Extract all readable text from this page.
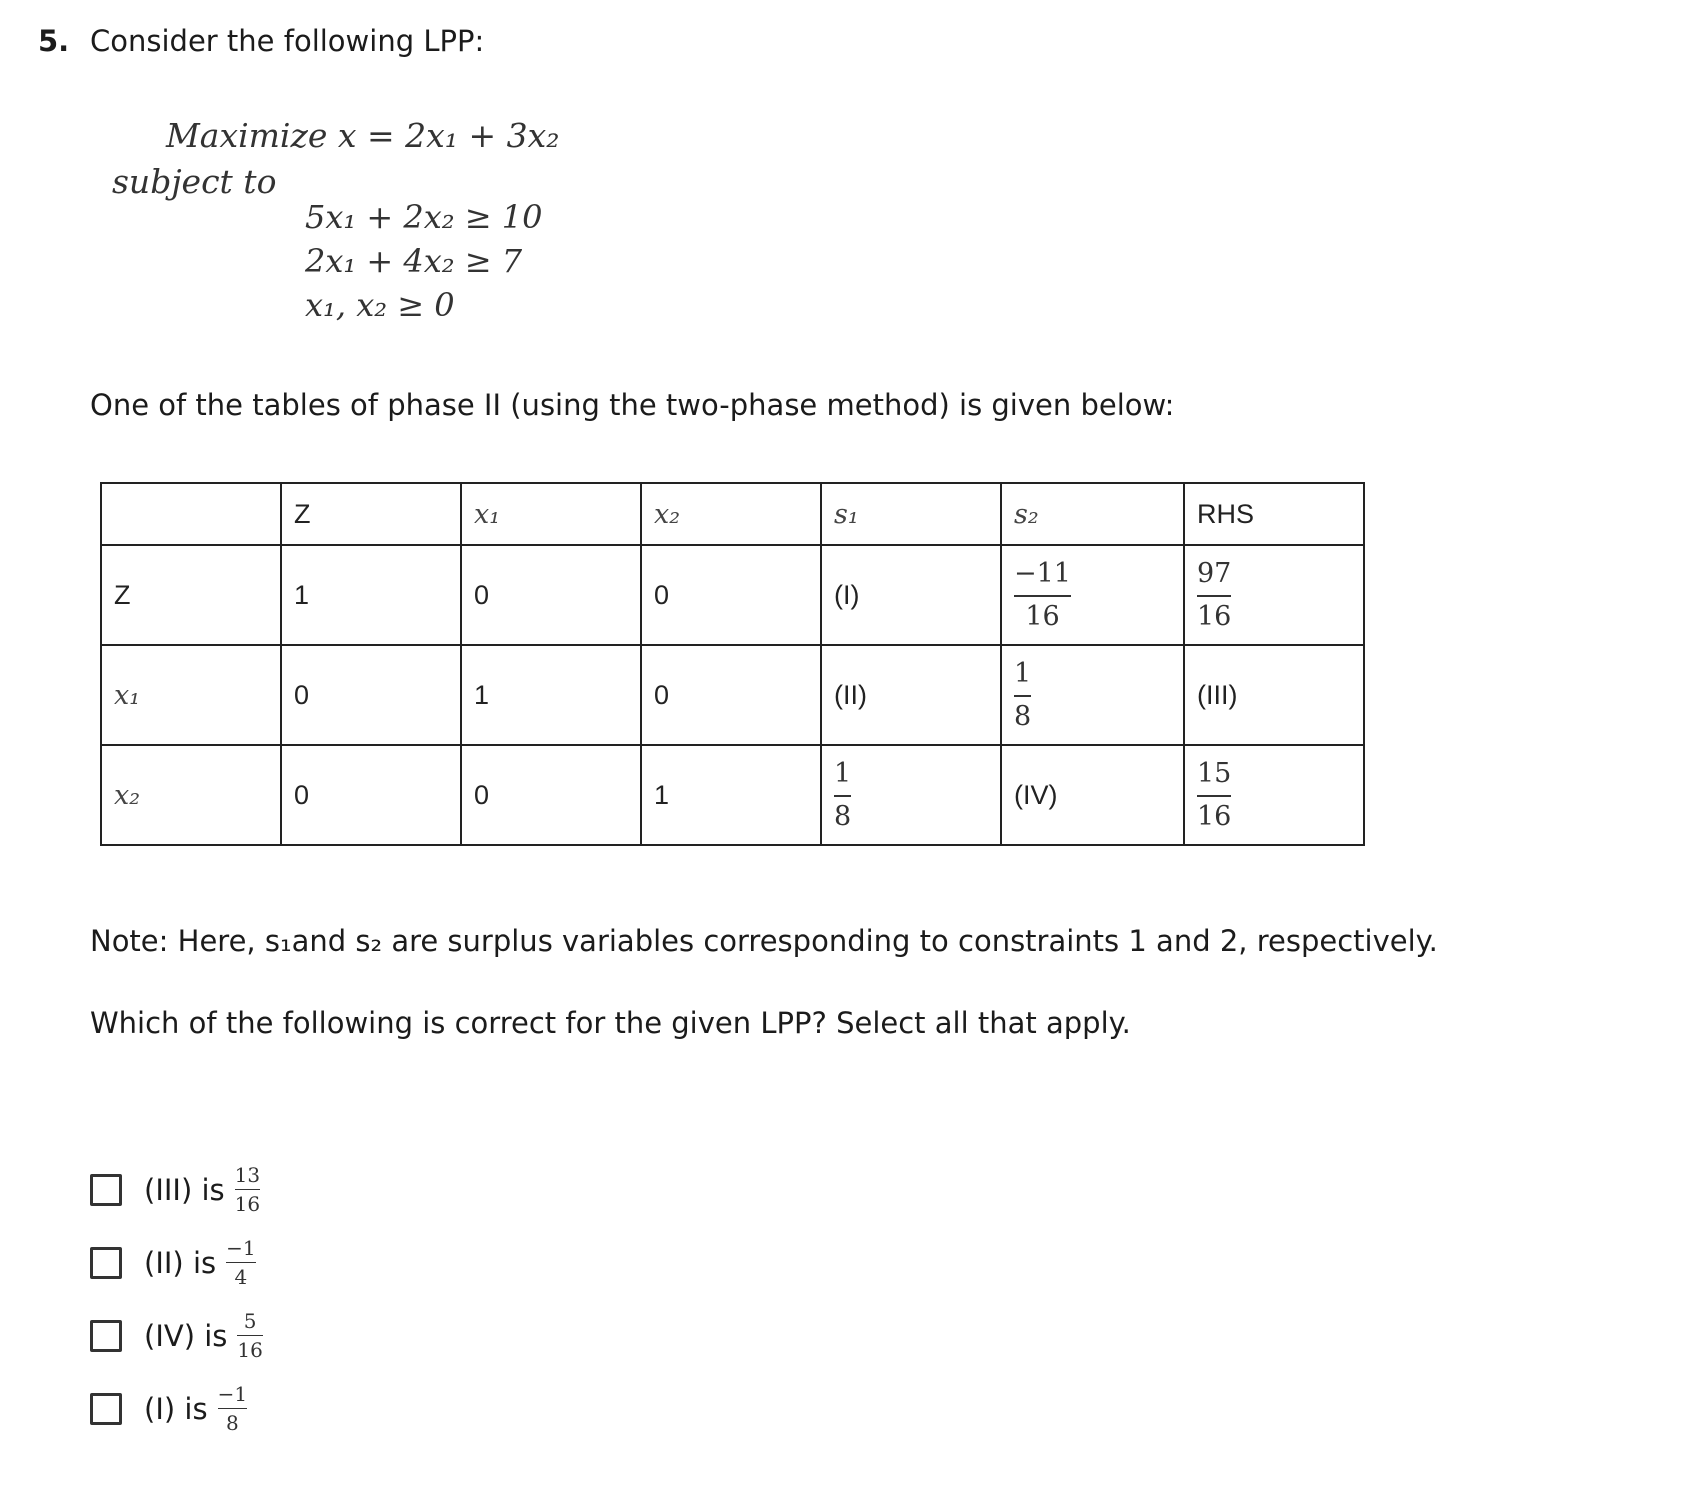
5. Consider the following LPP:
Maximize x = 2x₁ + 3x₂
subject to
5x₁ + 2x₂ ≥ 10
2x₁ + 4x₂ ≥ 7
x₁, x₂ ≥ 0
One of the tables of phase II (using the two-phase method) is given below:
	Z	x₁	x₂	s₁	s₂	RHS
Z	1	0	0	(I)	$\frac{-11}{16}$	$\frac{97}{16}$

x₁	0	1	0	(II)	$\frac{1}{8}$	(III)
x₂	0	0	1	$\frac{1}{8}$	(IV)	$\frac{15}{16}$
Note: Here, s₁and s₂ are surplus variables corresponding to constraints 1 and 2, respectively.
Which of the following is correct for the given LPP? Select all that apply.
(III) is $\frac{13}{16}$
(II) is $\frac{-1}{4}$
(IV) is $\frac{5}{16}$
(I) is $\frac{-1}{8}$
